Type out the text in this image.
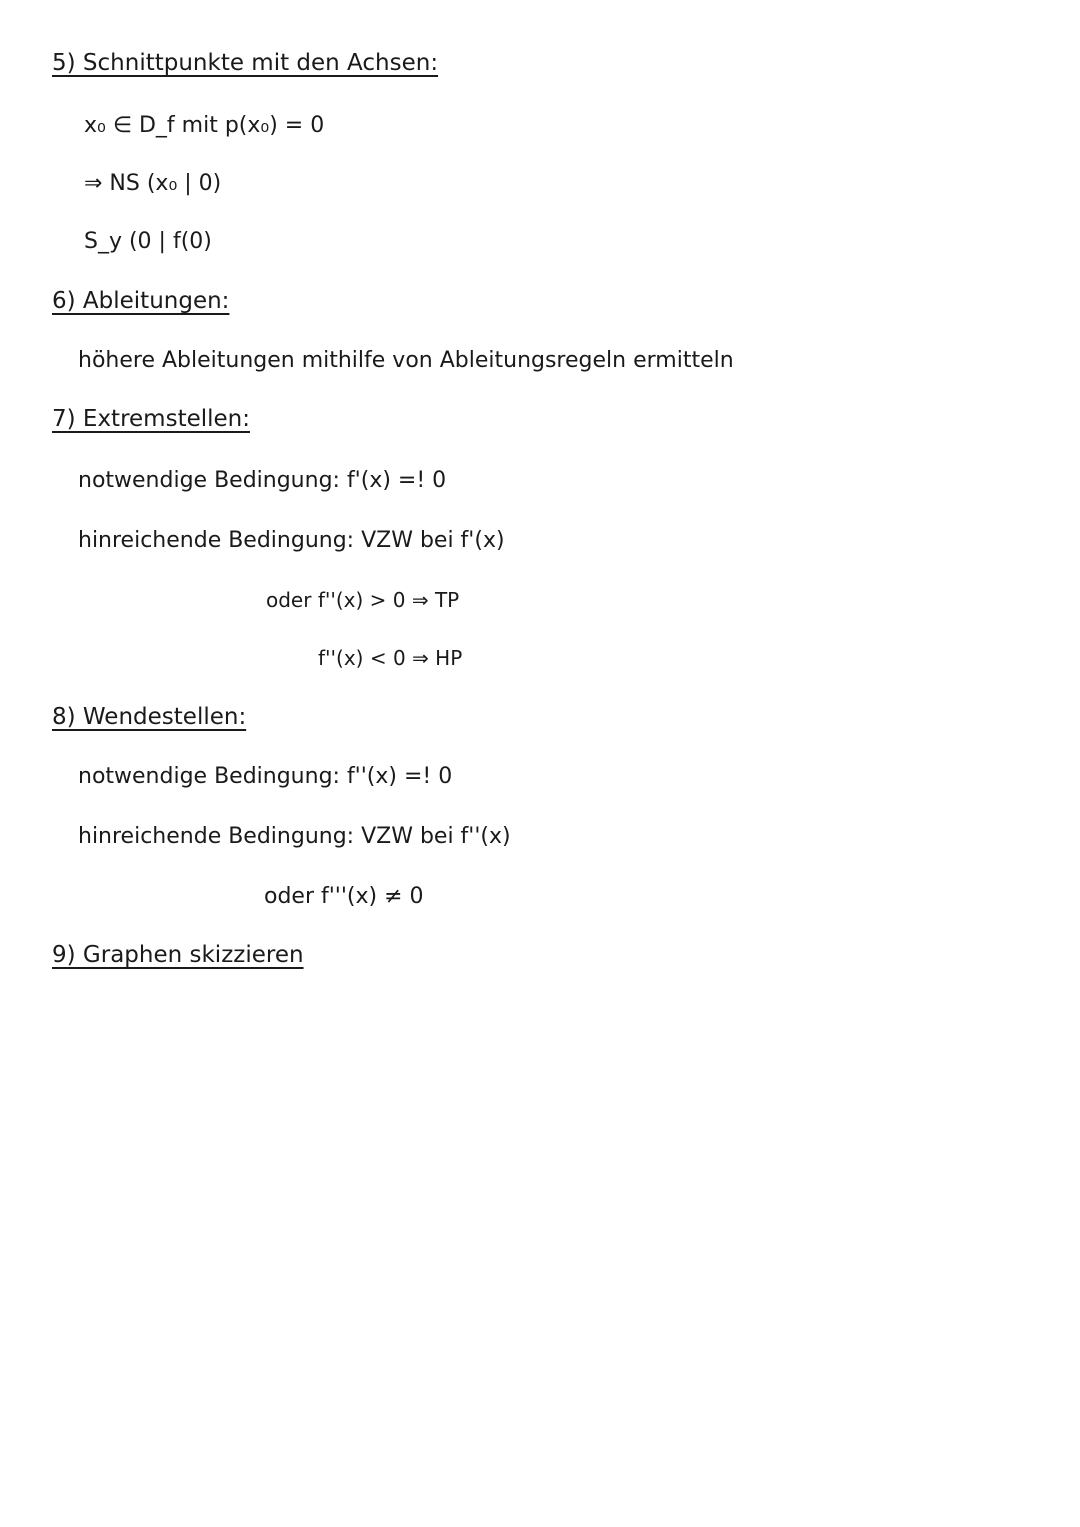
5) Schnittpunkte mit den Achsen:
x₀ ∈ D_f mit p(x₀) = 0
⇒ NS (x₀ | 0)
S_y (0 | f(0)
6) Ableitungen:
höhere Ableitungen mithilfe von Ableitungsregeln ermitteln
7) Extremstellen:
notwendige Bedingung: f'(x) =! 0
hinreichende Bedingung: VZW bei f'(x)
oder f''(x) > 0 ⇒ TP
f''(x) < 0 ⇒ HP
8) Wendestellen:
notwendige Bedingung: f''(x) =! 0
hinreichende Bedingung: VZW bei f''(x)
oder f'''(x) ≠ 0
9) Graphen skizzieren
